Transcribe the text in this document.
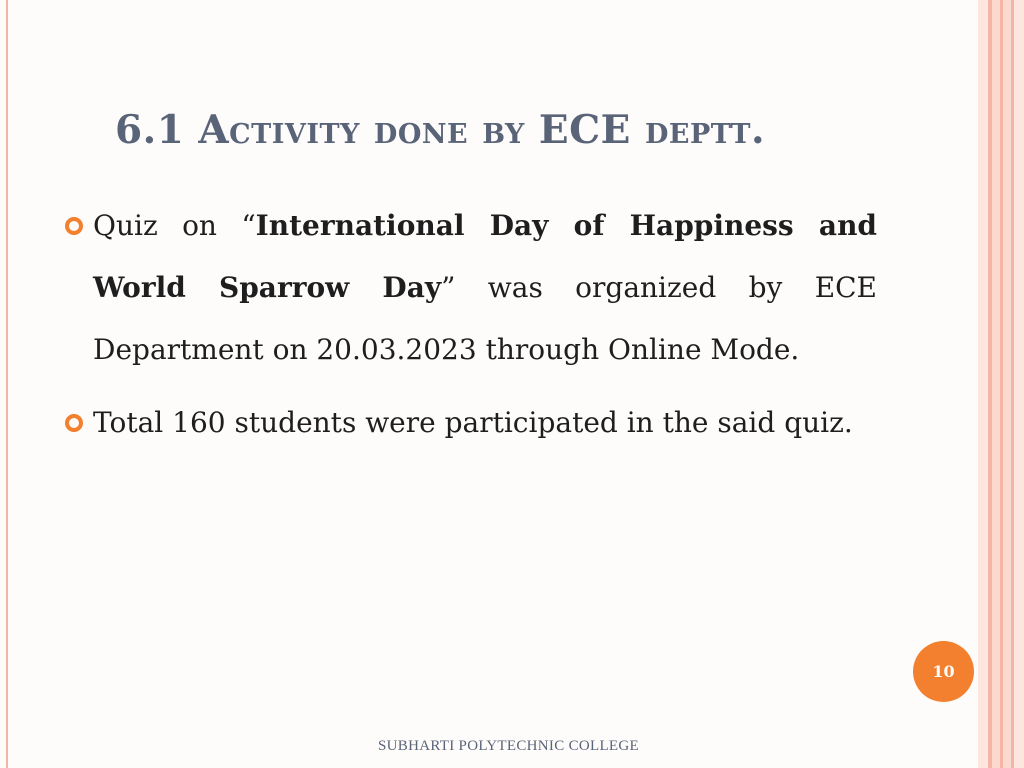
6.1 Activity done by ECE deptt.
Quiz on “International Day of Happiness and World Sparrow Day” was organized by ECE Department on 20.03.2023 through Online Mode.
Total 160 students were participated in the said quiz.
10
SUBHARTI POLYTECHNIC COLLEGE
